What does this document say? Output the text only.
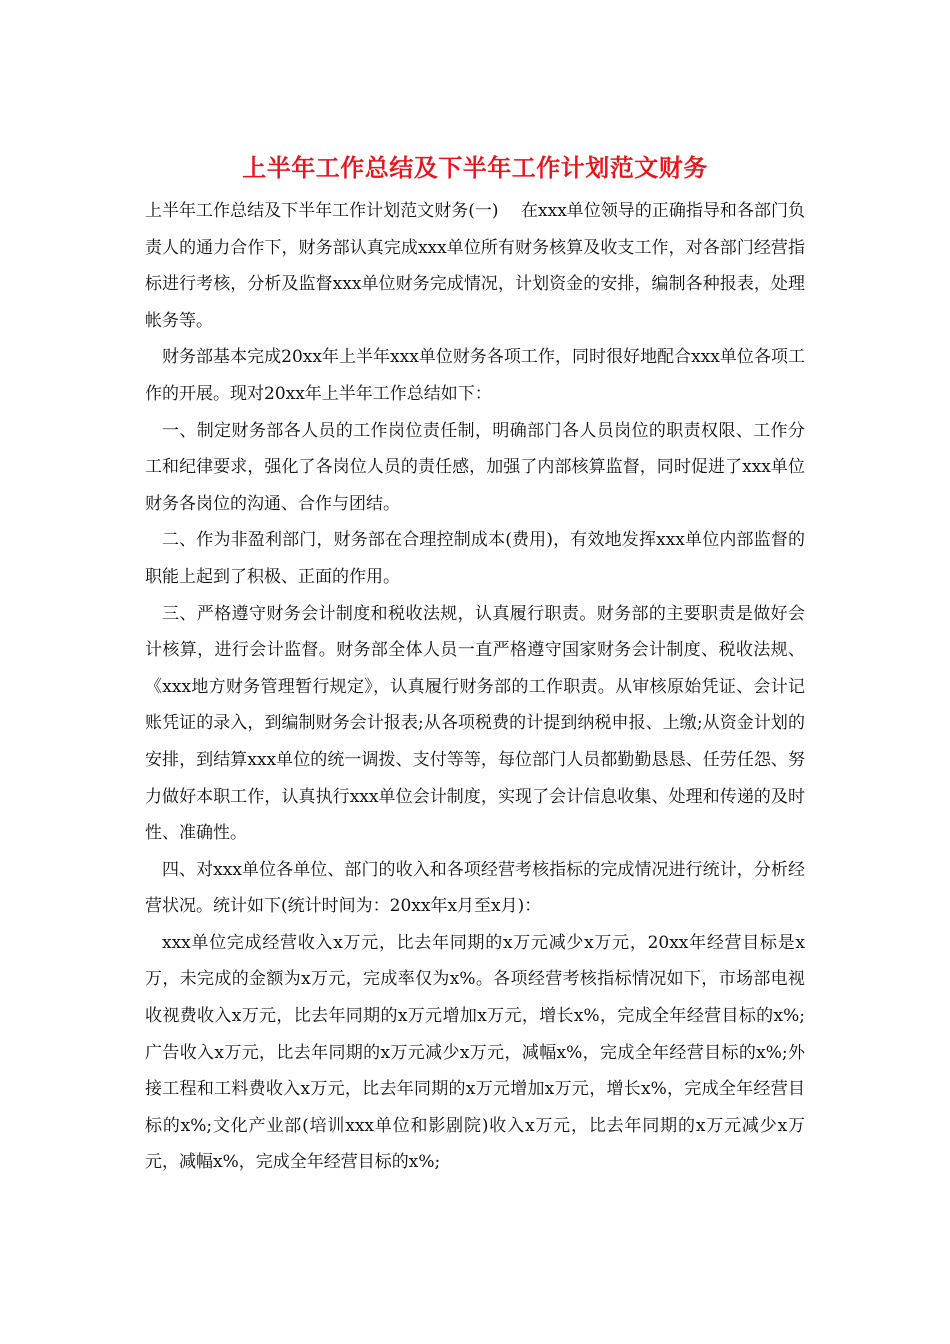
上半年工作总结及下半年工作计划范文财务

上半年工作总结及下半年工作计划范文财务(一)　 在xxx单位领导的正确指导和各部门负责人的通力合作下，财务部认真完成xxx单位所有财务核算及收支工作，对各部门经营指标进行考核，分析及监督xxx单位财务完成情况，计划资金的安排，编制各种报表，处理帐务等。

财务部基本完成20xx年上半年xxx单位财务各项工作，同时很好地配合xxx单位各项工作的开展。现对20xx年上半年工作总结如下：

一、制定财务部各人员的工作岗位责任制，明确部门各人员岗位的职责权限、工作分工和纪律要求，强化了各岗位人员的责任感，加强了内部核算监督，同时促进了xxx单位财务各岗位的沟通、合作与团结。

二、作为非盈利部门，财务部在合理控制成本(费用)，有效地发挥xxx单位内部监督的职能上起到了积极、正面的作用。

三、严格遵守财务会计制度和税收法规，认真履行职责。财务部的主要职责是做好会计核算，进行会计监督。财务部全体人员一直严格遵守国家财务会计制度、税收法规、《xxx地方财务管理暂行规定》，认真履行财务部的工作职责。从审核原始凭证、会计记账凭证的录入，到编制财务会计报表;从各项税费的计提到纳税申报、上缴;从资金计划的安排，到结算xxx单位的统一调拨、支付等等，每位部门人员都勤勤恳恳、任劳任怨、努力做好本职工作，认真执行xxx单位会计制度，实现了会计信息收集、处理和传递的及时性、准确性。

四、对xxx单位各单位、部门的收入和各项经营考核指标的完成情况进行统计，分析经营状况。统计如下(统计时间为：20xx年x月至x月)：

xxx单位完成经营收入x万元，比去年同期的x万元减少x万元，20xx年经营目标是x万，未完成的金额为x万元，完成率仅为x%。各项经营考核指标情况如下，市场部电视收视费收入x万元，比去年同期的x万元增加x万元，增长x%，完成全年经营目标的x%;广告收入x万元，比去年同期的x万元减少x万元，减幅x%，完成全年经营目标的x%;外接工程和工料费收入x万元，比去年同期的x万元增加x万元，增长x%，完成全年经营目标的x%;文化产业部(培训xxx单位和影剧院)收入x万元，比去年同期的x万元减少x万元，减幅x%，完成全年经营目标的x%;
